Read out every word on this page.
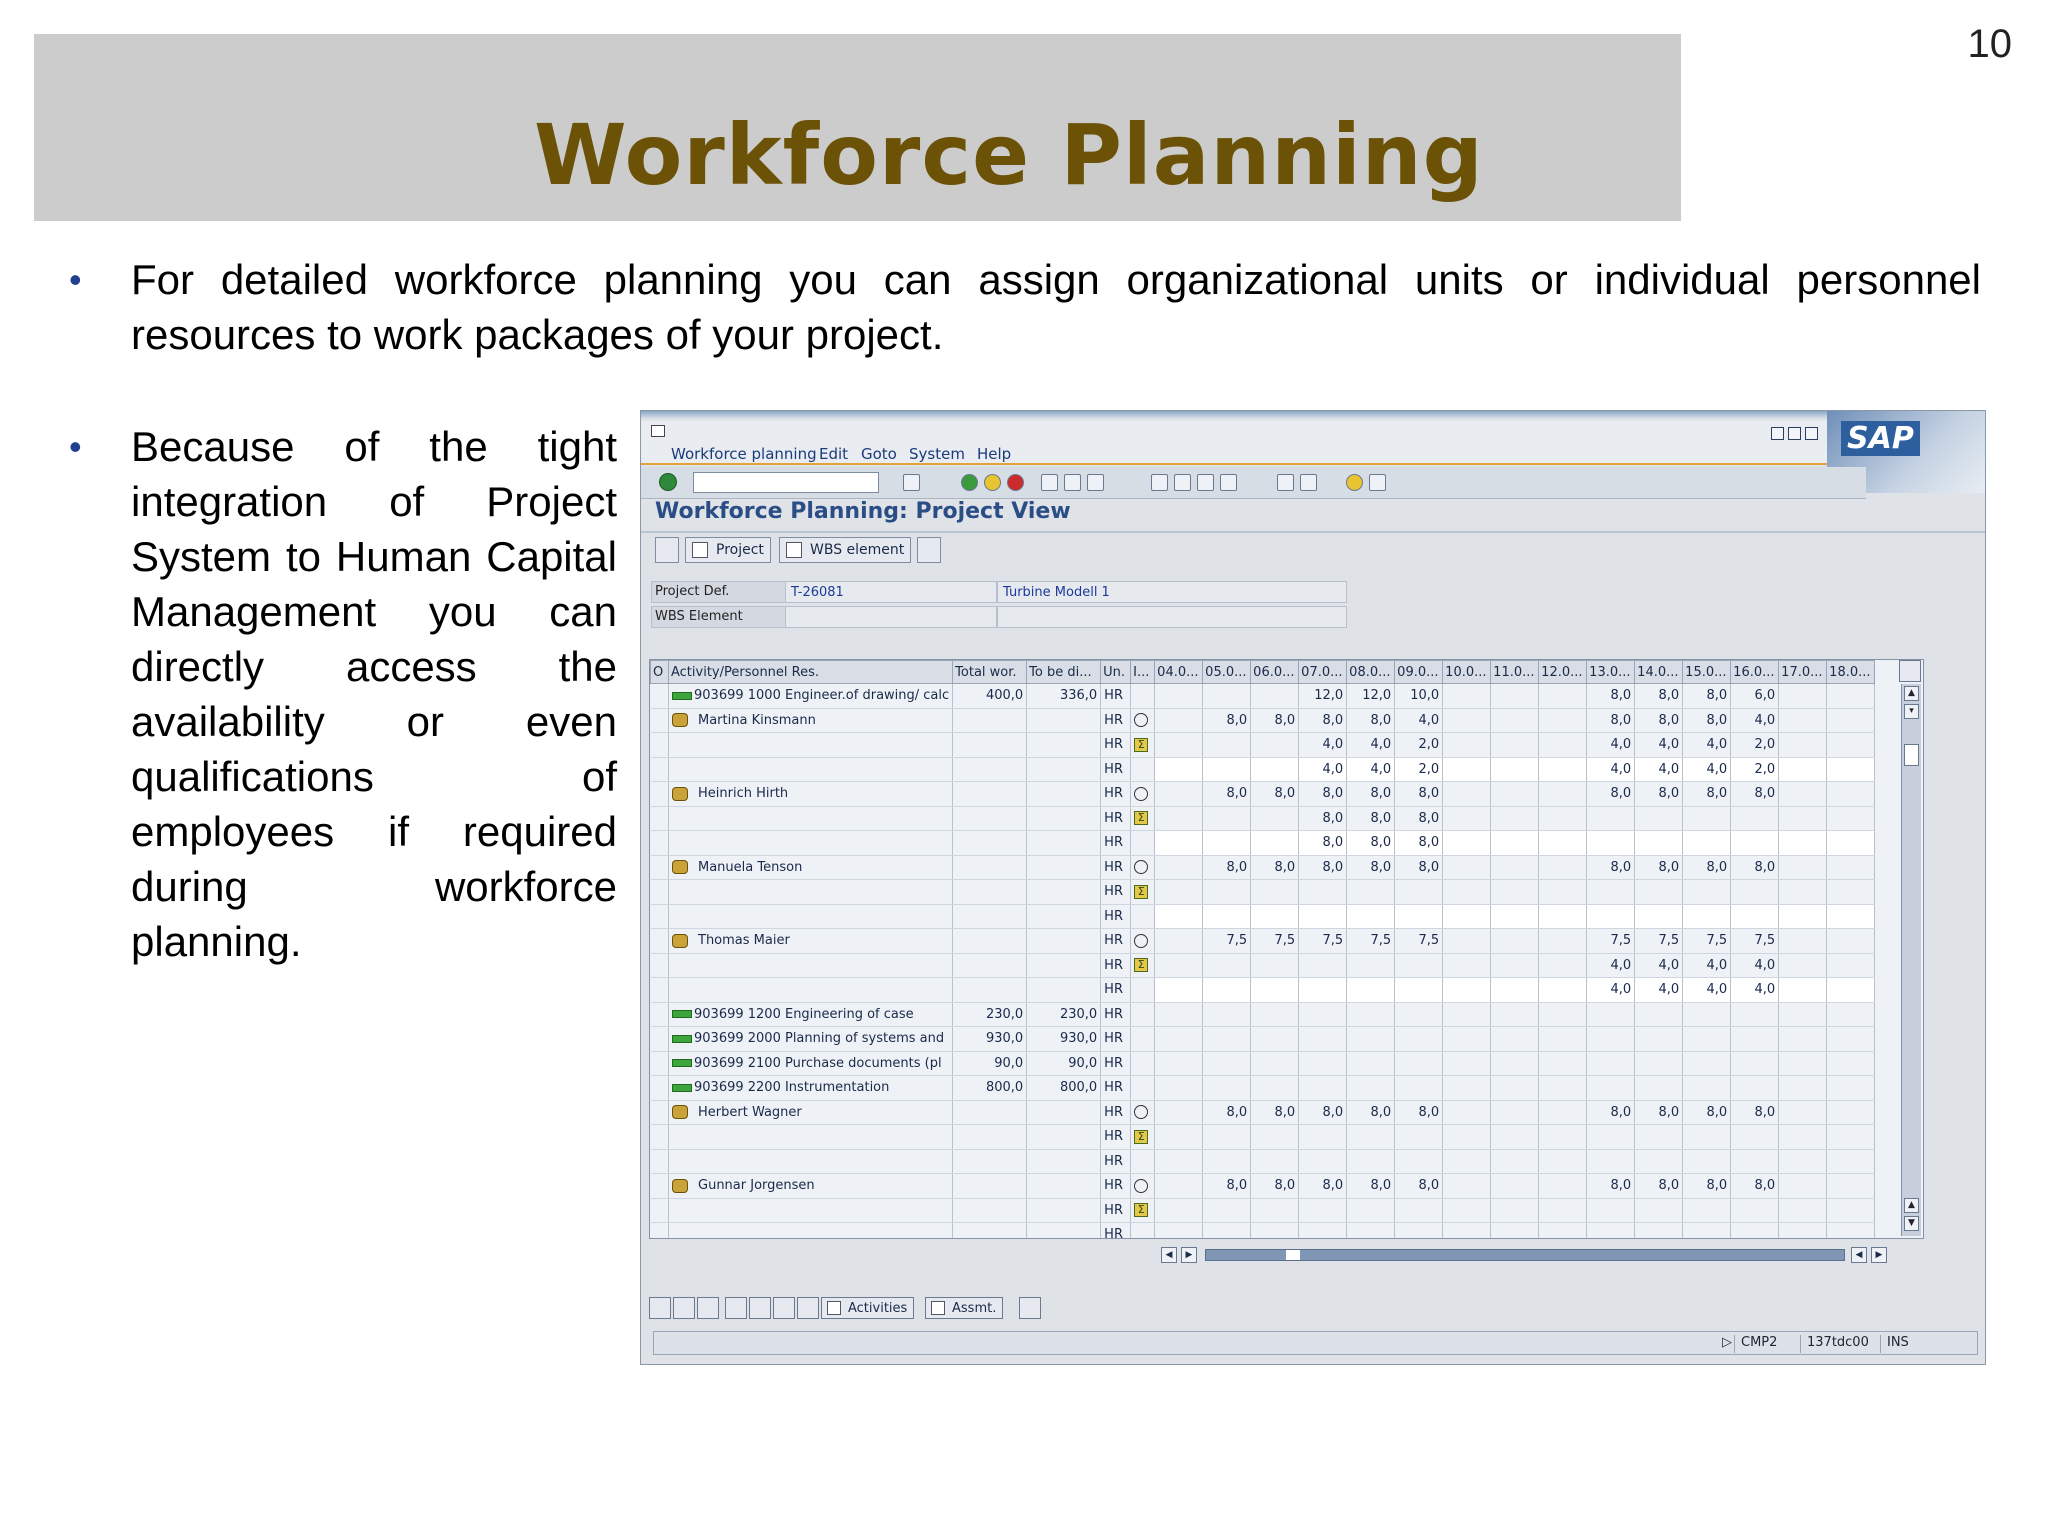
10
Workforce Planning
• For detailed workforce planning you can assign organizational units or individual personnel resources to work packages of your project.
• Because of the tight integration of Project System to Human Capital Management you can directly access the availability or even qualifications of employees if required during workforce planning.
Workforce planning Edit Goto System Help	SAP
Workforce Planning: Project View
Project	WBS element
Project Def.	T-26081	Turbine Modell 1
WBS Element
O	Activity/Personnel Res.	Total wor.	To be di...	Un.	I...	04.0...	05.0...	06.0...	07.0...	08.0...	09.0...	10.0...	11.0...	12.0...	13.0...	14.0...	15.0...	16.0...	17.0...	18.0...
	903699 1000 Engineer.of drawing/ calc	400,0	336,0	HR					12,0	12,0	10,0				8,0	8,0	8,0	6,0		
	Martina Kinsmann			HR			8,0	8,0	8,0	8,0	4,0				8,0	8,0	8,0	4,0		
				HR	Σ				4,0	4,0	2,0				4,0	4,0	4,0	2,0		
				HR					4,0	4,0	2,0				4,0	4,0	4,0	2,0		
	Heinrich Hirth			HR			8,0	8,0	8,0	8,0	8,0				8,0	8,0	8,0	8,0		
				HR	Σ				8,0	8,0	8,0									
				HR					8,0	8,0	8,0									
	Manuela Tenson			HR			8,0	8,0	8,0	8,0	8,0				8,0	8,0	8,0	8,0		
				HR	Σ															
				HR																
	Thomas Maier			HR			7,5	7,5	7,5	7,5	7,5				7,5	7,5	7,5	7,5		
				HR	Σ										4,0	4,0	4,0	4,0		
				HR											4,0	4,0	4,0	4,0		
	903699 1200 Engineering of case	230,0	230,0	HR																
	903699 2000 Planning of systems and	930,0	930,0	HR																
	903699 2100 Purchase documents (pl	90,0	90,0	HR																
	903699 2200 Instrumentation	800,0	800,0	HR																
	Herbert Wagner			HR			8,0	8,0	8,0	8,0	8,0				8,0	8,0	8,0	8,0		
				HR	Σ															
				HR																
	Gunnar Jorgensen			HR			8,0	8,0	8,0	8,0	8,0				8,0	8,0	8,0	8,0		
				HR	Σ															
				HR																
▲
▾
▲
▼
◀	▶	◀	▶
Activities	Assmt.
▷ CMP2	137tdc00	INS
